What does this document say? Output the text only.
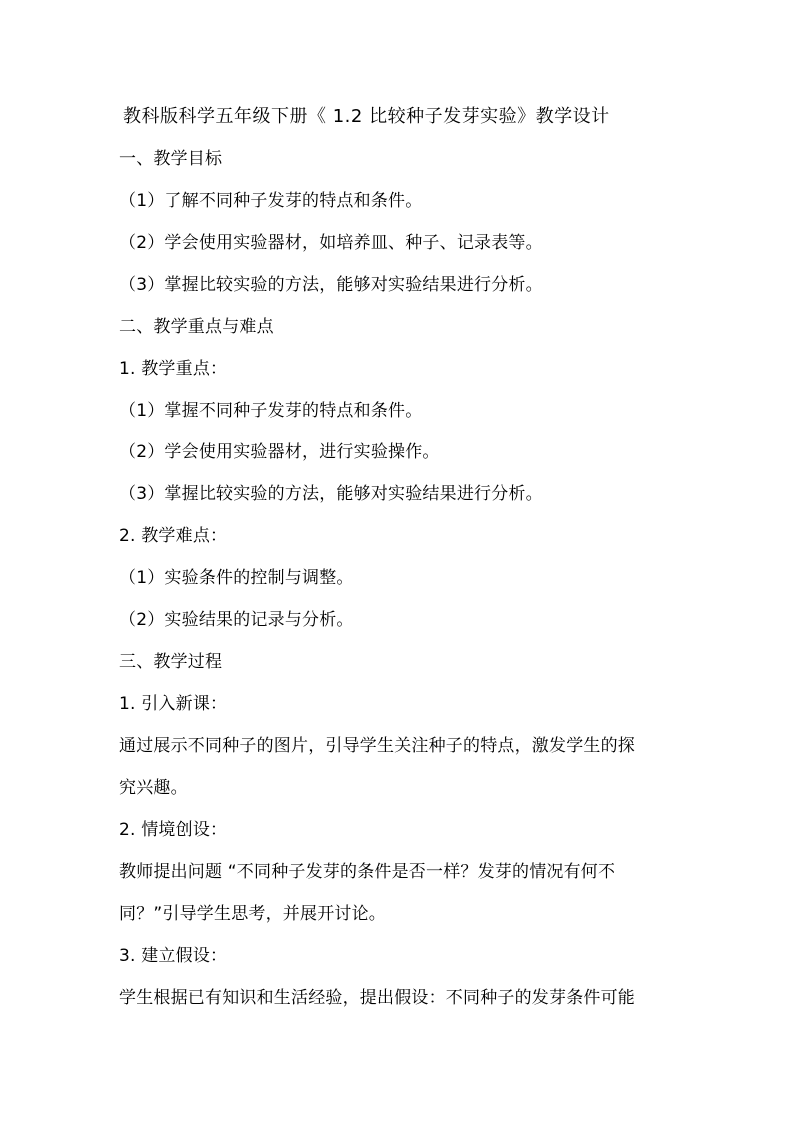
教科版科学五年级下册《 1.2 比较种子发芽实验》教学设计
一、教学目标
（1）了解不同种子发芽的特点和条件。
（2）学会使用实验器材，如培养皿、种子、记录表等。
（3）掌握比较实验的方法，能够对实验结果进行分析。
二、教学重点与难点
1. 教学重点：
（1）掌握不同种子发芽的特点和条件。
（2）学会使用实验器材，进行实验操作。
（3）掌握比较实验的方法，能够对实验结果进行分析。
2. 教学难点：
（1）实验条件的控制与调整。
（2）实验结果的记录与分析。
三、教学过程
1. 引入新课：
通过展示不同种子的图片，引导学生关注种子的特点，激发学生的探
究兴趣。
2. 情境创设：
教师提出问题 “不同种子发芽的条件是否一样？发芽的情况有何不
同？”引导学生思考，并展开讨论。
3. 建立假设：
学生根据已有知识和生活经验，提出假设：不同种子的发芽条件可能
